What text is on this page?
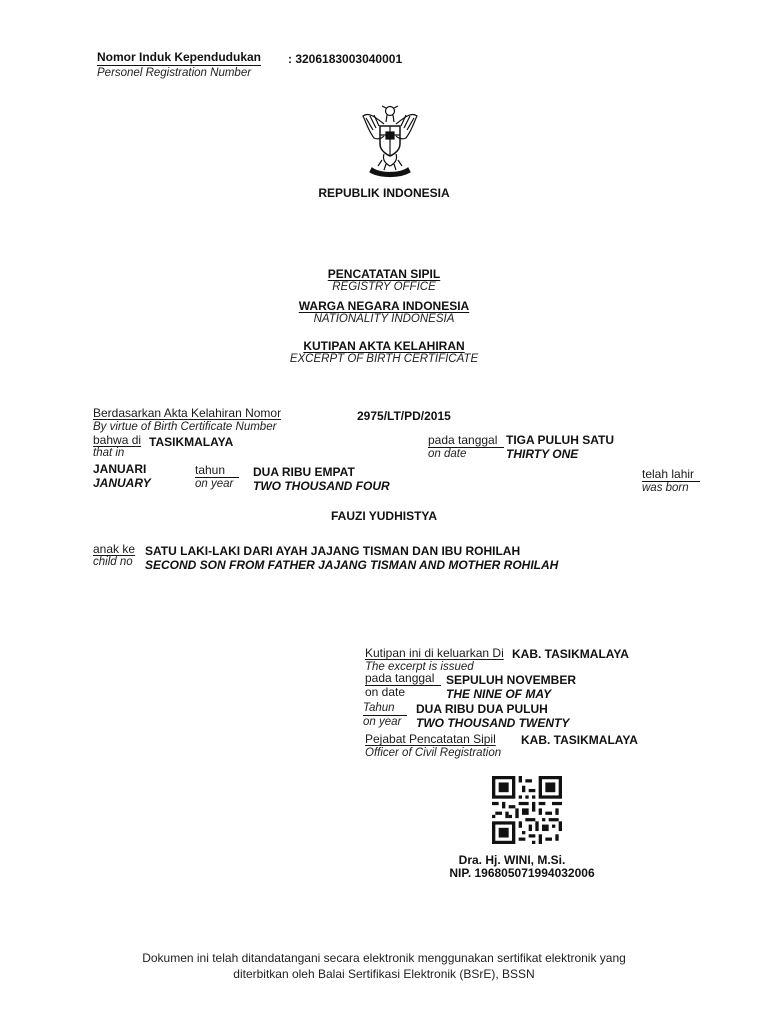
Nomor Induk Kependudukan
Personel Registration Number
: 3206183003040001
REPUBLIK INDONESIA
PENCATATAN SIPIL
REGISTRY OFFICE
WARGA NEGARA INDONESIA
NATIONALITY INDONESIA
KUTIPAN AKTA KELAHIRAN
EXCERPT OF BIRTH CERTIFICATE
Berdasarkan Akta Kelahiran Nomor
By virtue of Birth Certificate Number
2975/LT/PD/2015
bahwa di
that in
TASIKMALAYA	pada tanggal
on date
TIGA PULUH SATU
THIRTY ONE
JANUARI
JANUARY
tahun
on year
DUA RIBU EMPAT
TWO THOUSAND FOUR
telah lahir
was born
FAUZI YUDHISTYA
anak ke
child no
SATU LAKI-LAKI DARI AYAH JAJANG TISMAN DAN IBU ROHILAH
SECOND SON FROM FATHER JAJANG TISMAN AND MOTHER ROHILAH
Kutipan ini di keluarkan Di
The excerpt is issued
KAB. TASIKMALAYA
pada tanggal
on date
SEPULUH NOVEMBER
THE NINE OF MAY
Tahun
on year
DUA RIBU DUA PULUH
TWO THOUSAND TWENTY
Pejabat Pencatatan Sipil
Officer of Civil Registration
KAB. TASIKMALAYA
Dra. Hj. WINI, M.Si.
NIP. 196805071994032006
Dokumen ini telah ditandatangani secara elektronik menggunakan sertifikat elektronik yang
diterbitkan oleh Balai Sertifikasi Elektronik (BSrE), BSSN
